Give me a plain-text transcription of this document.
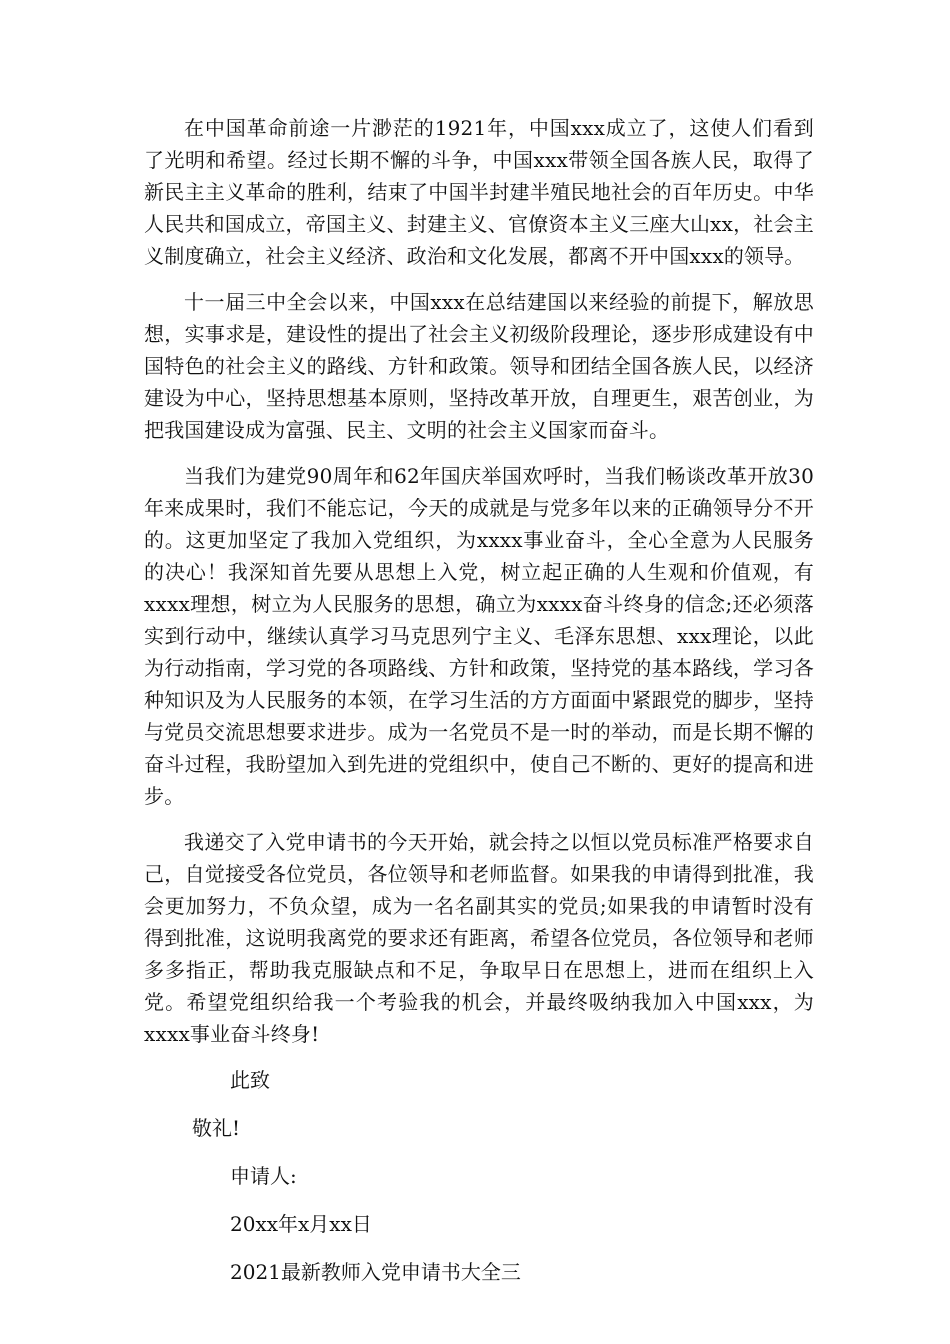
在中国革命前途一片渺茫的1921年，中国xxx成立了，这使人们看到了光明和希望。经过长期不懈的斗争，中国xxx带领全国各族人民，取得了新民主主义革命的胜利，结束了中国半封建半殖民地社会的百年历史。中华人民共和国成立，帝国主义、封建主义、官僚资本主义三座大山xx，社会主义制度确立，社会主义经济、政治和文化发展，都离不开中国xxx的领导。

十一届三中全会以来，中国xxx在总结建国以来经验的前提下，解放思想，实事求是，建设性的提出了社会主义初级阶段理论，逐步形成建设有中国特色的社会主义的路线、方针和政策。领导和团结全国各族人民，以经济建设为中心，坚持思想基本原则，坚持改革开放，自理更生，艰苦创业，为把我国建设成为富强、民主、文明的社会主义国家而奋斗。

当我们为建党90周年和62年国庆举国欢呼时，当我们畅谈改革开放30年来成果时，我们不能忘记，今天的成就是与党多年以来的正确领导分不开的。这更加坚定了我加入党组织，为xxxx事业奋斗，全心全意为人民服务的决心！我深知首先要从思想上入党，树立起正确的人生观和价值观，有xxxx理想，树立为人民服务的思想，确立为xxxx奋斗终身的信念;还必须落实到行动中，继续认真学习马克思列宁主义、毛泽东思想、xxx理论，以此为行动指南，学习党的各项路线、方针和政策，坚持党的基本路线，学习各种知识及为人民服务的本领，在学习生活的方方面面中紧跟党的脚步，坚持与党员交流思想要求进步。成为一名党员不是一时的举动，而是长期不懈的奋斗过程，我盼望加入到先进的党组织中，使自己不断的、更好的提高和进步。

我递交了入党申请书的今天开始，就会持之以恒以党员标准严格要求自己，自觉接受各位党员，各位领导和老师监督。如果我的申请得到批准，我会更加努力，不负众望，成为一名名副其实的党员;如果我的申请暂时没有得到批准，这说明我离党的要求还有距离，希望各位党员，各位领导和老师多多指正，帮助我克服缺点和不足，争取早日在思想上，进而在组织上入党。希望党组织给我一个考验我的机会，并最终吸纳我加入中国xxx，为xxxx事业奋斗终身!

此致

敬礼!

申请人:

20xx年x月xx日

2021最新教师入党申请书大全三
